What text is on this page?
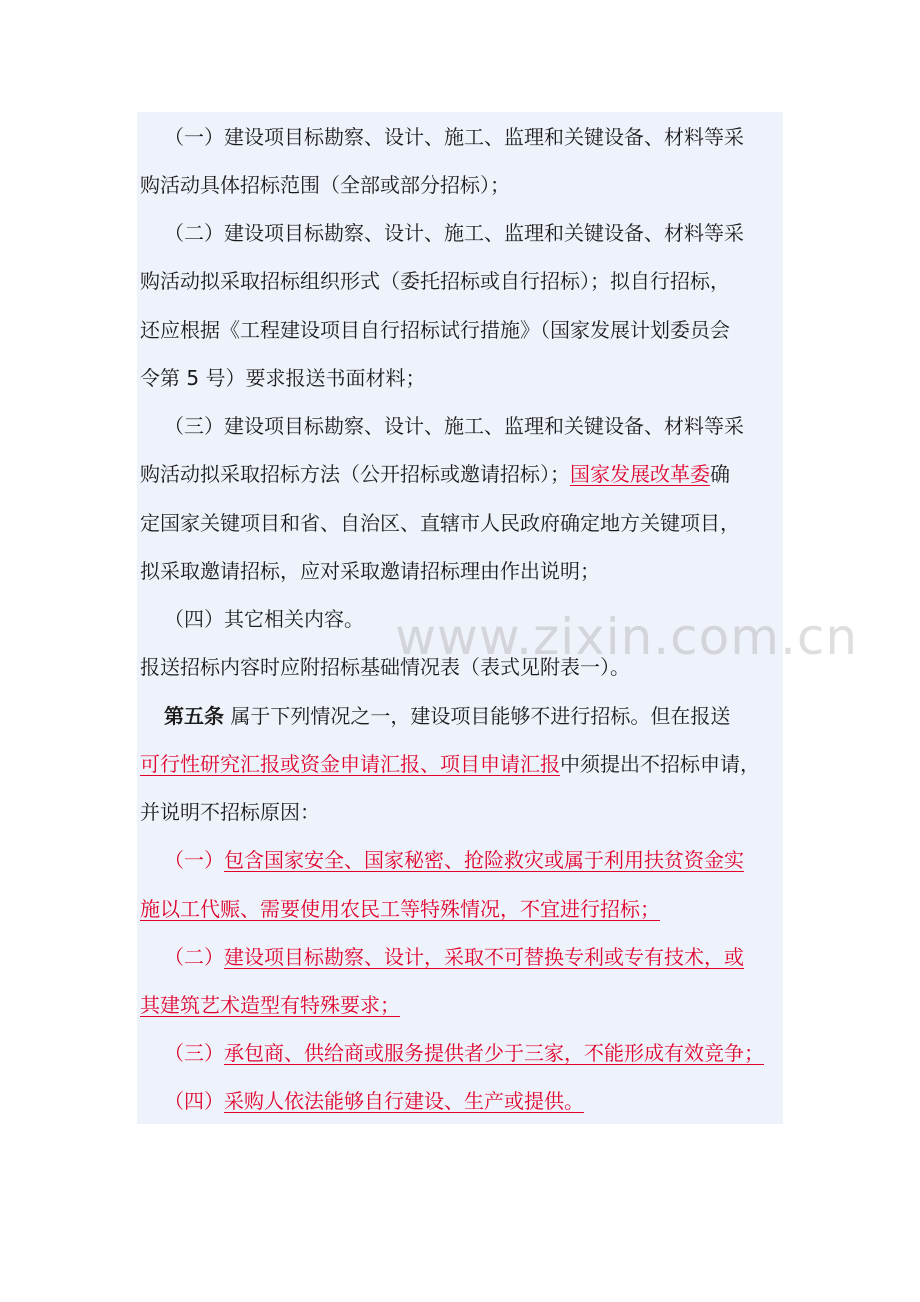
（一）建设项目标勘察、设计、施工、监理和关键设备、材料等采
购活动具体招标范围（全部或部分招标）；
（二）建设项目标勘察、设计、施工、监理和关键设备、材料等采
购活动拟采取招标组织形式（委托招标或自行招标）；拟自行招标，
还应根据《工程建设项目自行招标试行措施》（国家发展计划委员会
令第 5 号）要求报送书面材料；
（三）建设项目标勘察、设计、施工、监理和关键设备、材料等采
购活动拟采取招标方法（公开招标或邀请招标）；国家发展改革委确
定国家关键项目和省、自治区、直辖市人民政府确定地方关键项目，
拟采取邀请招标，应对采取邀请招标理由作出说明；
（四）其它相关内容。 www.zixin.com.cn
报送招标内容时应附招标基础情况表（表式见附表一）。
第五条 属于下列情况之一，建设项目能够不进行招标。但在报送
可行性研究汇报或资金申请汇报、项目申请汇报中须提出不招标申请，
并说明不招标原因：
（一）包含国家安全、国家秘密、抢险救灾或属于利用扶贫资金实
施以工代赈、需要使用农民工等特殊情况，不宜进行招标；
（二）建设项目标勘察、设计，采取不可替换专利或专有技术，或
其建筑艺术造型有特殊要求；
（三）承包商、供给商或服务提供者少于三家，不能形成有效竞争；
（四）采购人依法能够自行建设、生产或提供。
